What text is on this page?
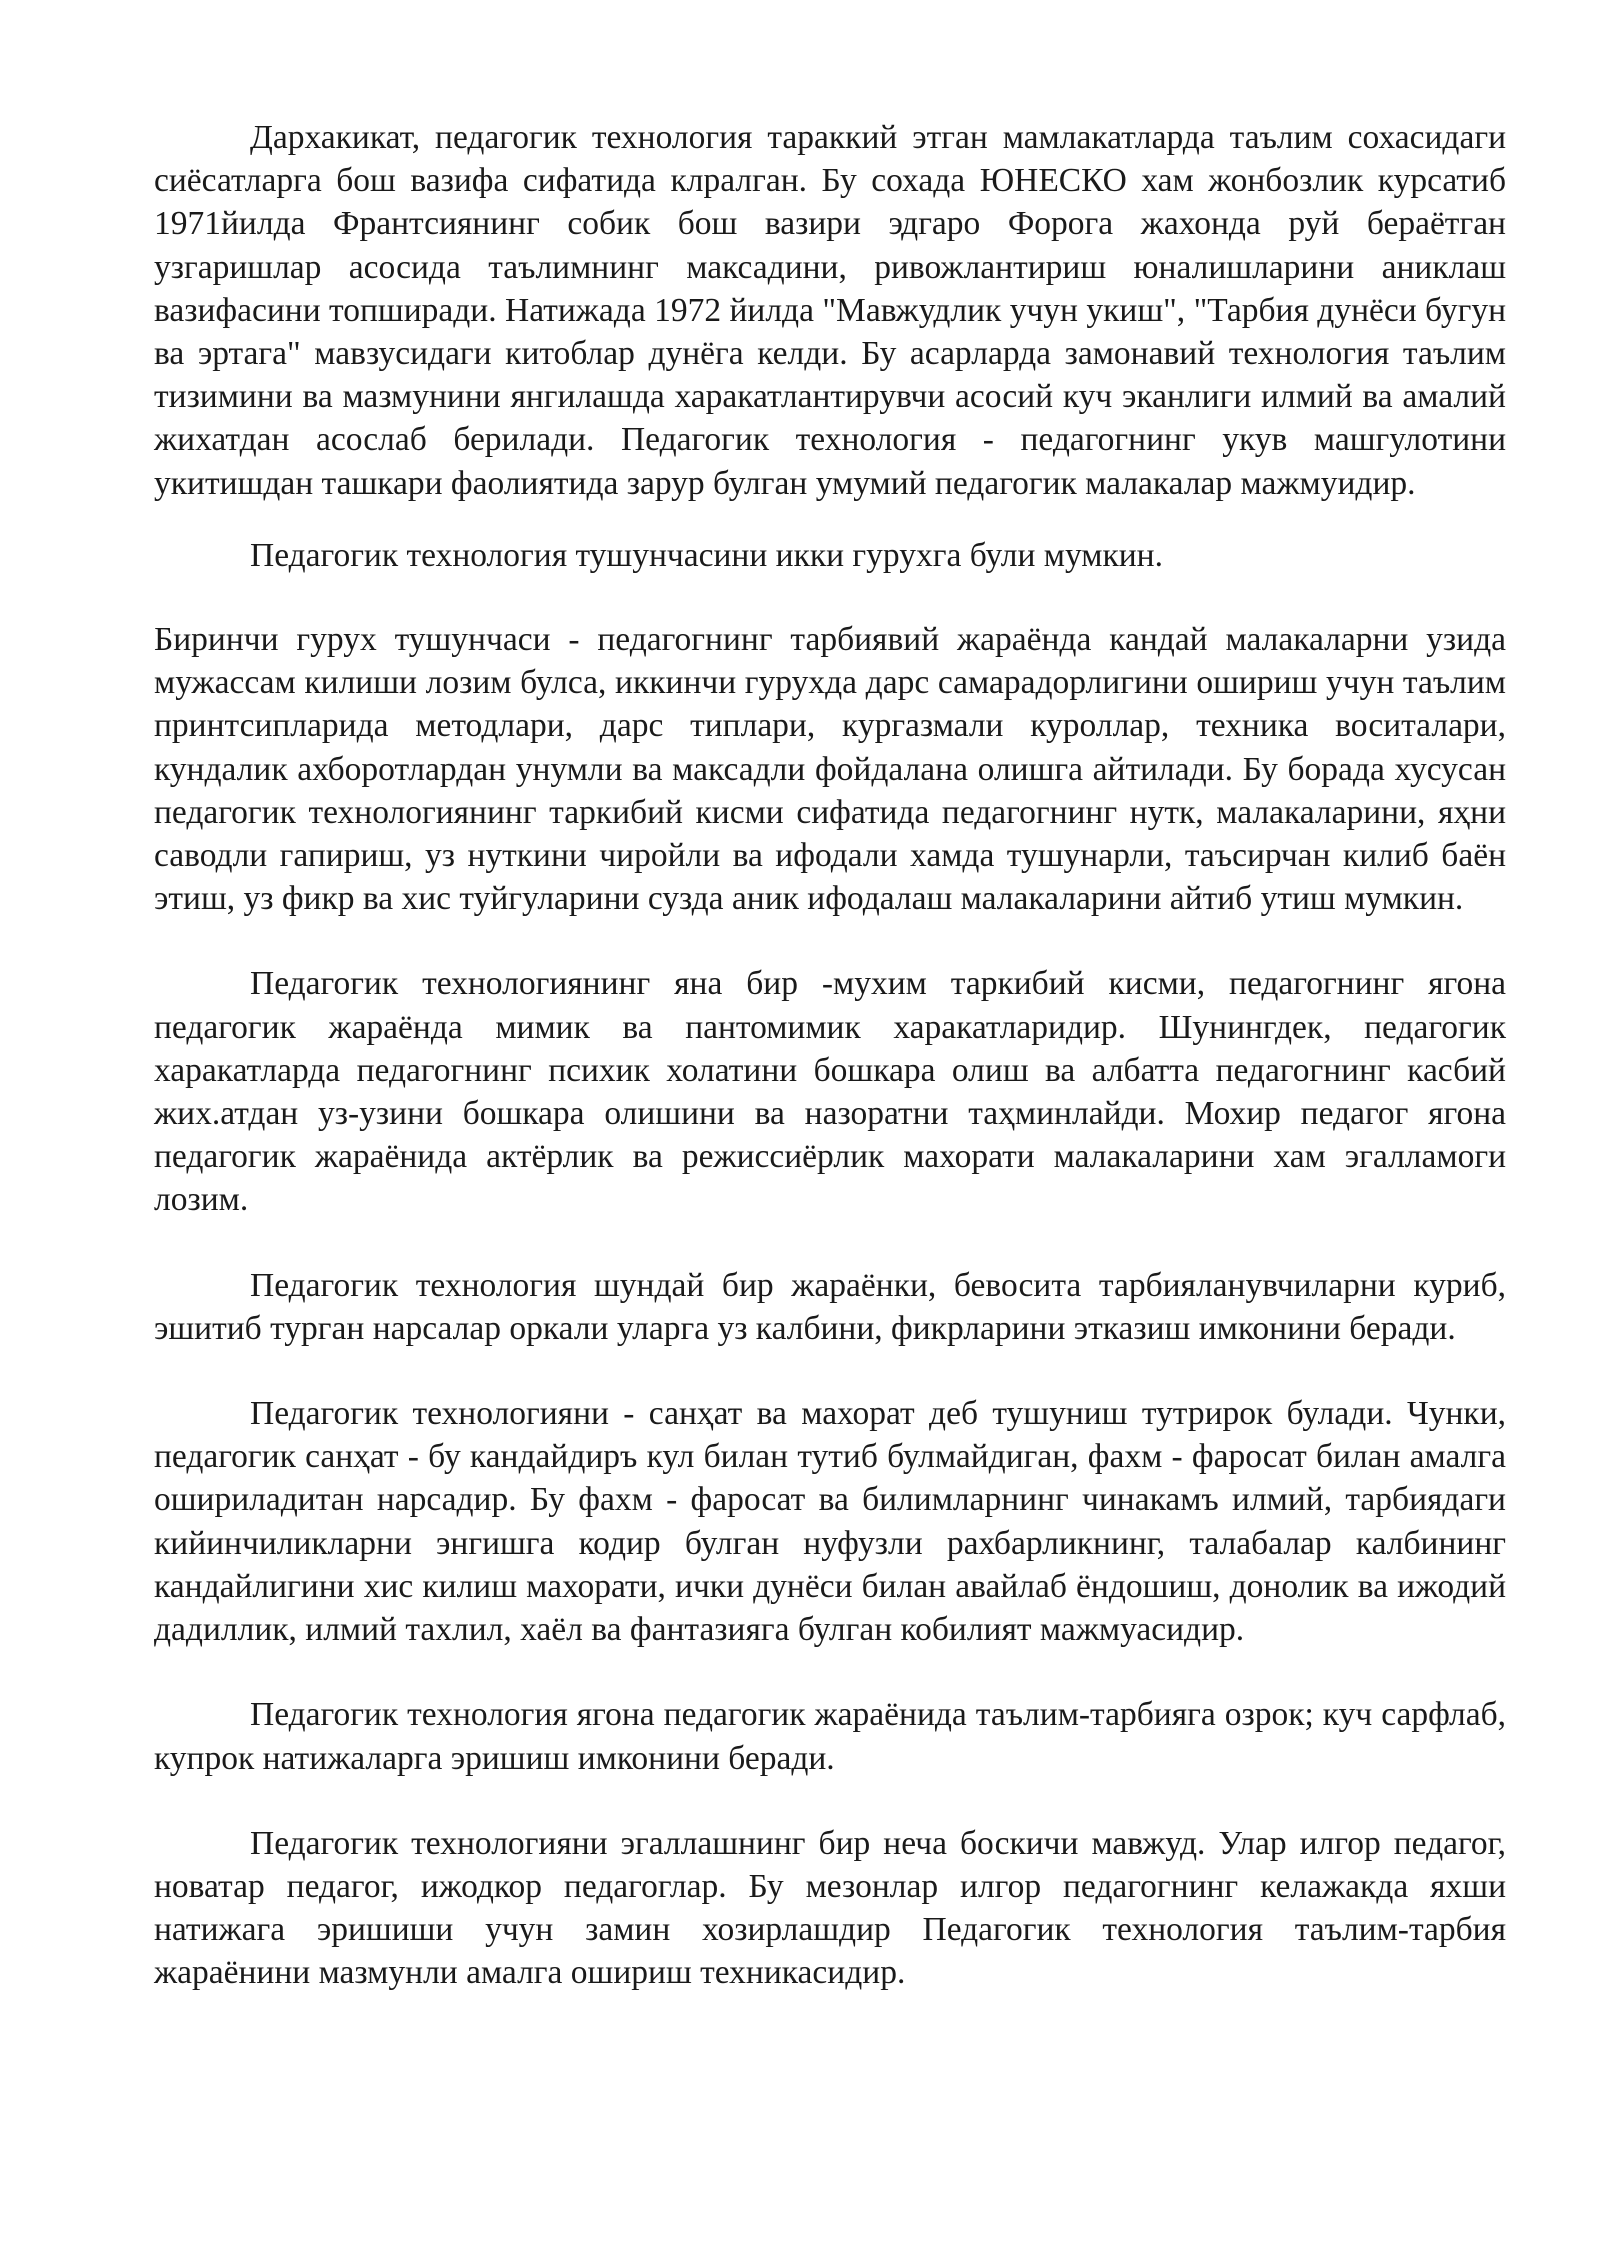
Дархакикат, педагогик технология тараккий этган мамлакатларда таълим сохасидаги сиёсатларга бош вазифа сифатида клралган. Бу сохада ЮНЕСКО хам жонбозлик курсатиб 1971йилда Франтсиянинг собик бош вазири эдгаро Форога жахонда руй бераётган узгаришлар асосида таълимнинг максадини, ривожлантириш юналишларини аниклаш вазифасини топширади. Натижада 1972 йилда "Мавжудлик учун укиш", "Тарбия дунёси бугун ва эртага" мавзусидаги китоблар дунёга келди. Бу асарларда замонавий технология таълим тизимини ва мазмунини янгилашда харакатлантирувчи асосий куч эканлиги илмий ва амалий жихатдан асослаб берилади. Педагогик технология - педагогнинг укув машгулотини укитишдан ташкари фаолиятида зарур булган умумий педагогик малакалар мажмуидир.

Педагогик технология тушунчасини икки гурухга були мумкин.

Биринчи гурух тушунчаси - педагогнинг тарбиявий жараёнда кандай малакаларни узида мужассам килиши лозим булса, иккинчи гурухда дарс самарадорлигини ошириш учун таълим принтсипларида методлари, дарс типлари, кургазмали куроллар, техника воситалари, кундалик ахборотлардан унумли ва максадли фойдалана олишга айтилади. Бу борада хусусан педагогик технологиянинг таркибий кисми сифатида педагогнинг нутк, малакаларини, яҳни саводли гапириш, уз нуткини чиройли ва ифодали хамда тушунарли, таъсирчан килиб баён этиш, уз фикр ва хис туйгуларини сузда аник ифодалаш малакаларини айтиб утиш мумкин.

Педагогик технологиянинг яна бир -мухим таркибий кисми, педагогнинг ягона педагогик жараёнда мимик ва пантомимик харакатларидир. Шунингдек, педагогик харакатларда педагогнинг психик холатини бошкара олиш ва албатта педагогнинг касбий жих.атдан уз-узини бошкара олишини ва назоратни таҳминлайди. Мохир педагог ягона педагогик жараёнида актёрлик ва режиссиёрлик махорати малакаларини хам эгалламоги лозим.

Педагогик технология шундай бир жараёнки, бевосита тарбияланувчиларни куриб, эшитиб турган нарсалар оркали уларга уз калбини, фикрларини этказиш имконини беради.

Педагогик технологияни - санҳат ва махорат деб тушуниш тутрирок булади. Чунки, педагогик санҳат - бу кандайдиръ кул билан тутиб булмайдиган, фахм - фаросат билан амалга ошириладитан нарсадир. Бу фахм - фаросат ва билимларнинг чинакамъ илмий, тарбиядаги кийинчиликларни энгишга кодир булган нуфузли рахбарликнинг, талабалар калбининг кандайлигини хис килиш махорати, ички дунёси билан авайлаб ёндошиш, донолик ва ижодий дадиллик, илмий тахлил, хаёл ва фантазияга булган кобилият мажмуасидир.

Педагогик технология ягона педагогик жараёнида таълим-тарбияга озрок; куч сарфлаб, купрок натижаларга эришиш имконини беради.

Педагогик технологияни эгаллашнинг бир неча боскичи мавжуд. Улар илгор педагог, новатар педагог, ижодкор педагоглар. Бу мезонлар илгор педагогнинг келажакда яхши натижага эришиши учун замин хозирлашдир Педагогик технология таълим-тарбия жараёнини мазмунли амалга ошириш техникасидир.
